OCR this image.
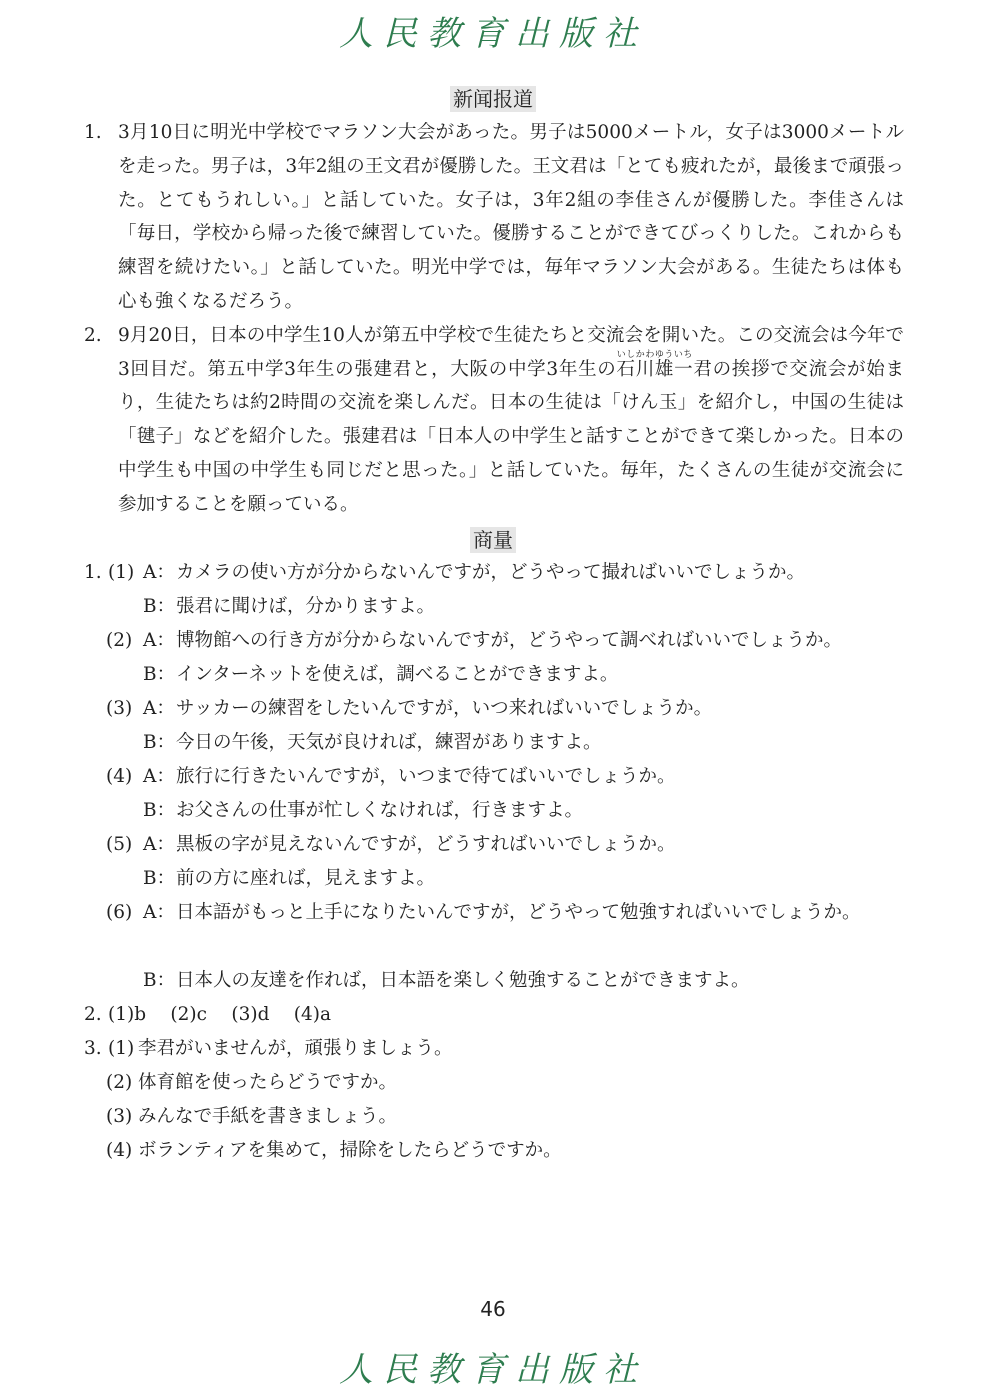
人民教育出版社
新闻报道
1. 3月10日に明光中学校でマラソン大会があった。男子は5000メートル，女子は3000メートルを走った。男子は，3年2組の王文君が優勝した。王文君は「とても疲れたが，最後まで頑張った。とてもうれしい。」と話していた。女子は，3年2組の李佳さんが優勝した。李佳さんは「毎日，学校から帰った後で練習していた。優勝することができてびっくりした。これからも練習を続けたい。」と話していた。明光中学では，毎年マラソン大会がある。生徒たちは体も心も強くなるだろう。
2. 9月20日，日本の中学生10人が第五中学校で生徒たちと交流会を開いた。この交流会は今年で3回目だ。第五中学3年生の張建君と，大阪の中学3年生の石川雄一いしかわゆういち君の挨拶で交流会が始まり，生徒たちは約2時間の交流を楽しんだ。日本の生徒は「けん玉」を紹介し，中国の生徒は「毽子」などを紹介した。張建君は「日本人の中学生と話すことができて楽しかった。日本の中学生も中国の中学生も同じだと思った。」と話していた。毎年，たくさんの生徒が交流会に参加することを願っている。
商量
1. (1) A： カメラの使い方が分からないんですが，どうやって撮ればいいでしょうか。
B： 張君に聞けば，分かりますよ。
(2) A： 博物館への行き方が分からないんですが，どうやって調べればいいでしょうか。
B： インターネットを使えば，調べることができますよ。
(3) A： サッカーの練習をしたいんですが，いつ来ればいいでしょうか。
B： 今日の午後，天気が良ければ，練習がありますよ。
(4) A： 旅行に行きたいんですが，いつまで待てばいいでしょうか。
B： お父さんの仕事が忙しくなければ，行きますよ。
(5) A： 黒板の字が見えないんですが，どうすればいいでしょうか。
B： 前の方に座れば，見えますよ。
(6) A： 日本語がもっと上手になりたいんですが，どうやって勉強すればいいでしょうか。
B： 日本人の友達を作れば，日本語を楽しく勉強することができますよ。
2. (1)b　 (2)c　 (3)d　 (4)a
3. (1) 李君がいませんが，頑張りましょう。
(2) 体育館を使ったらどうですか。
(3) みんなで手紙を書きましょう。
(4) ボランティアを集めて，掃除をしたらどうですか。
46
人民教育出版社
